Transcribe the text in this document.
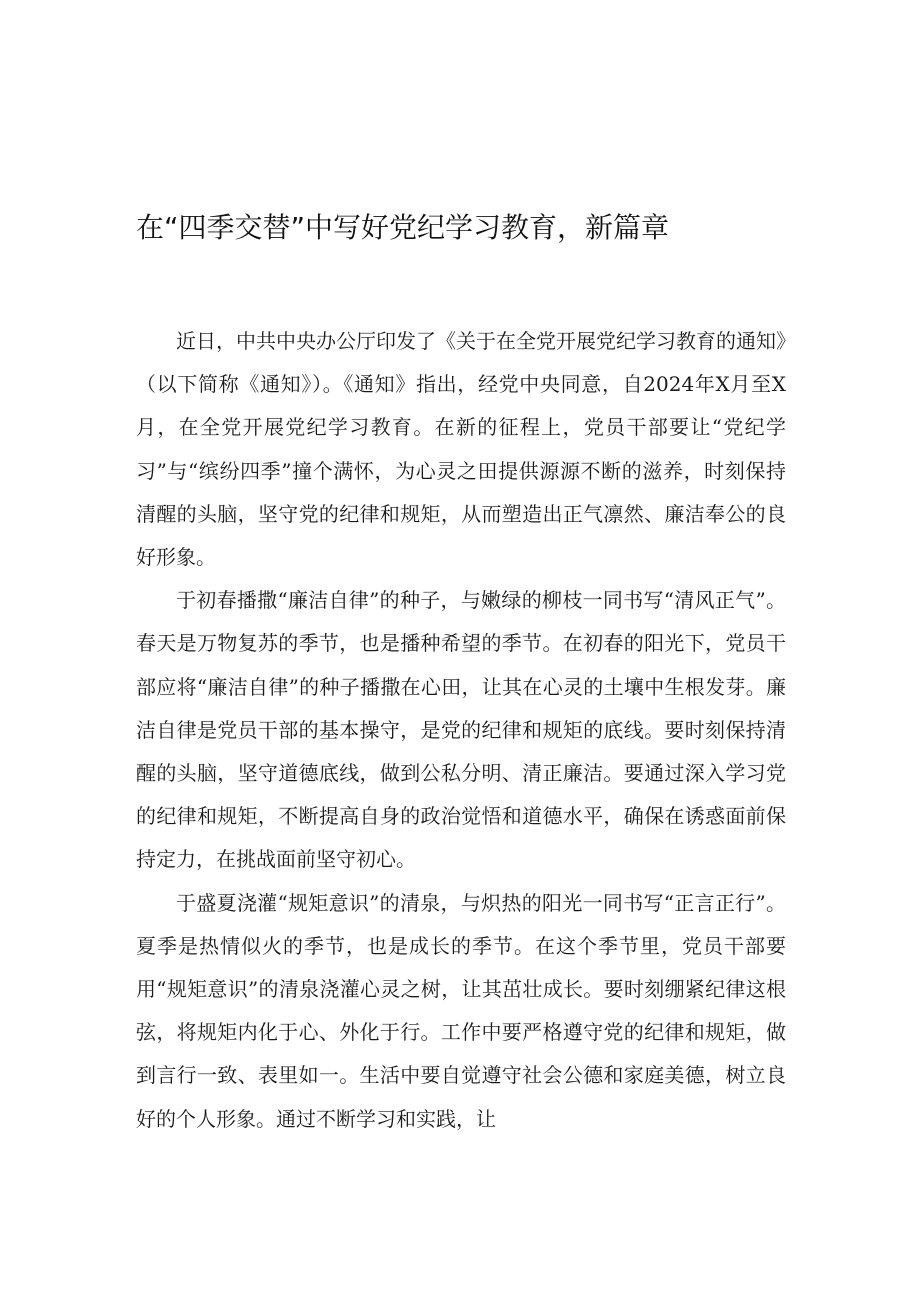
在“四季交替”中写好党纪学习教育，新篇章

近日，中共中央办公厅印发了《关于在全党开展党纪学习教育的通知》（以下简称《通知》）。《通知》指出，经党中央同意，自2024年X月至X月，在全党开展党纪学习教育。在新的征程上，党员干部要让“党纪学习”与“缤纷四季”撞个满怀，为心灵之田提供源源不断的滋养，时刻保持清醒的头脑，坚守党的纪律和规矩，从而塑造出正气凛然、廉洁奉公的良好形象。

于初春播撒“廉洁自律”的种子，与嫩绿的柳枝一同书写“清风正气”。春天是万物复苏的季节，也是播种希望的季节。在初春的阳光下，党员干部应将“廉洁自律”的种子播撒在心田，让其在心灵的土壤中生根发芽。廉洁自律是党员干部的基本操守，是党的纪律和规矩的底线。要时刻保持清醒的头脑，坚守道德底线，做到公私分明、清正廉洁。要通过深入学习党的纪律和规矩，不断提高自身的政治觉悟和道德水平，确保在诱惑面前保持定力，在挑战面前坚守初心。

于盛夏浇灌“规矩意识”的清泉，与炽热的阳光一同书写“正言正行”。夏季是热情似火的季节，也是成长的季节。在这个季节里，党员干部要用“规矩意识”的清泉浇灌心灵之树，让其茁壮成长。要时刻绷紧纪律这根弦，将规矩内化于心、外化于行。工作中要严格遵守党的纪律和规矩，做到言行一致、表里如一。生活中要自觉遵守社会公德和家庭美德，树立良好的个人形象。通过不断学习和实践，让
